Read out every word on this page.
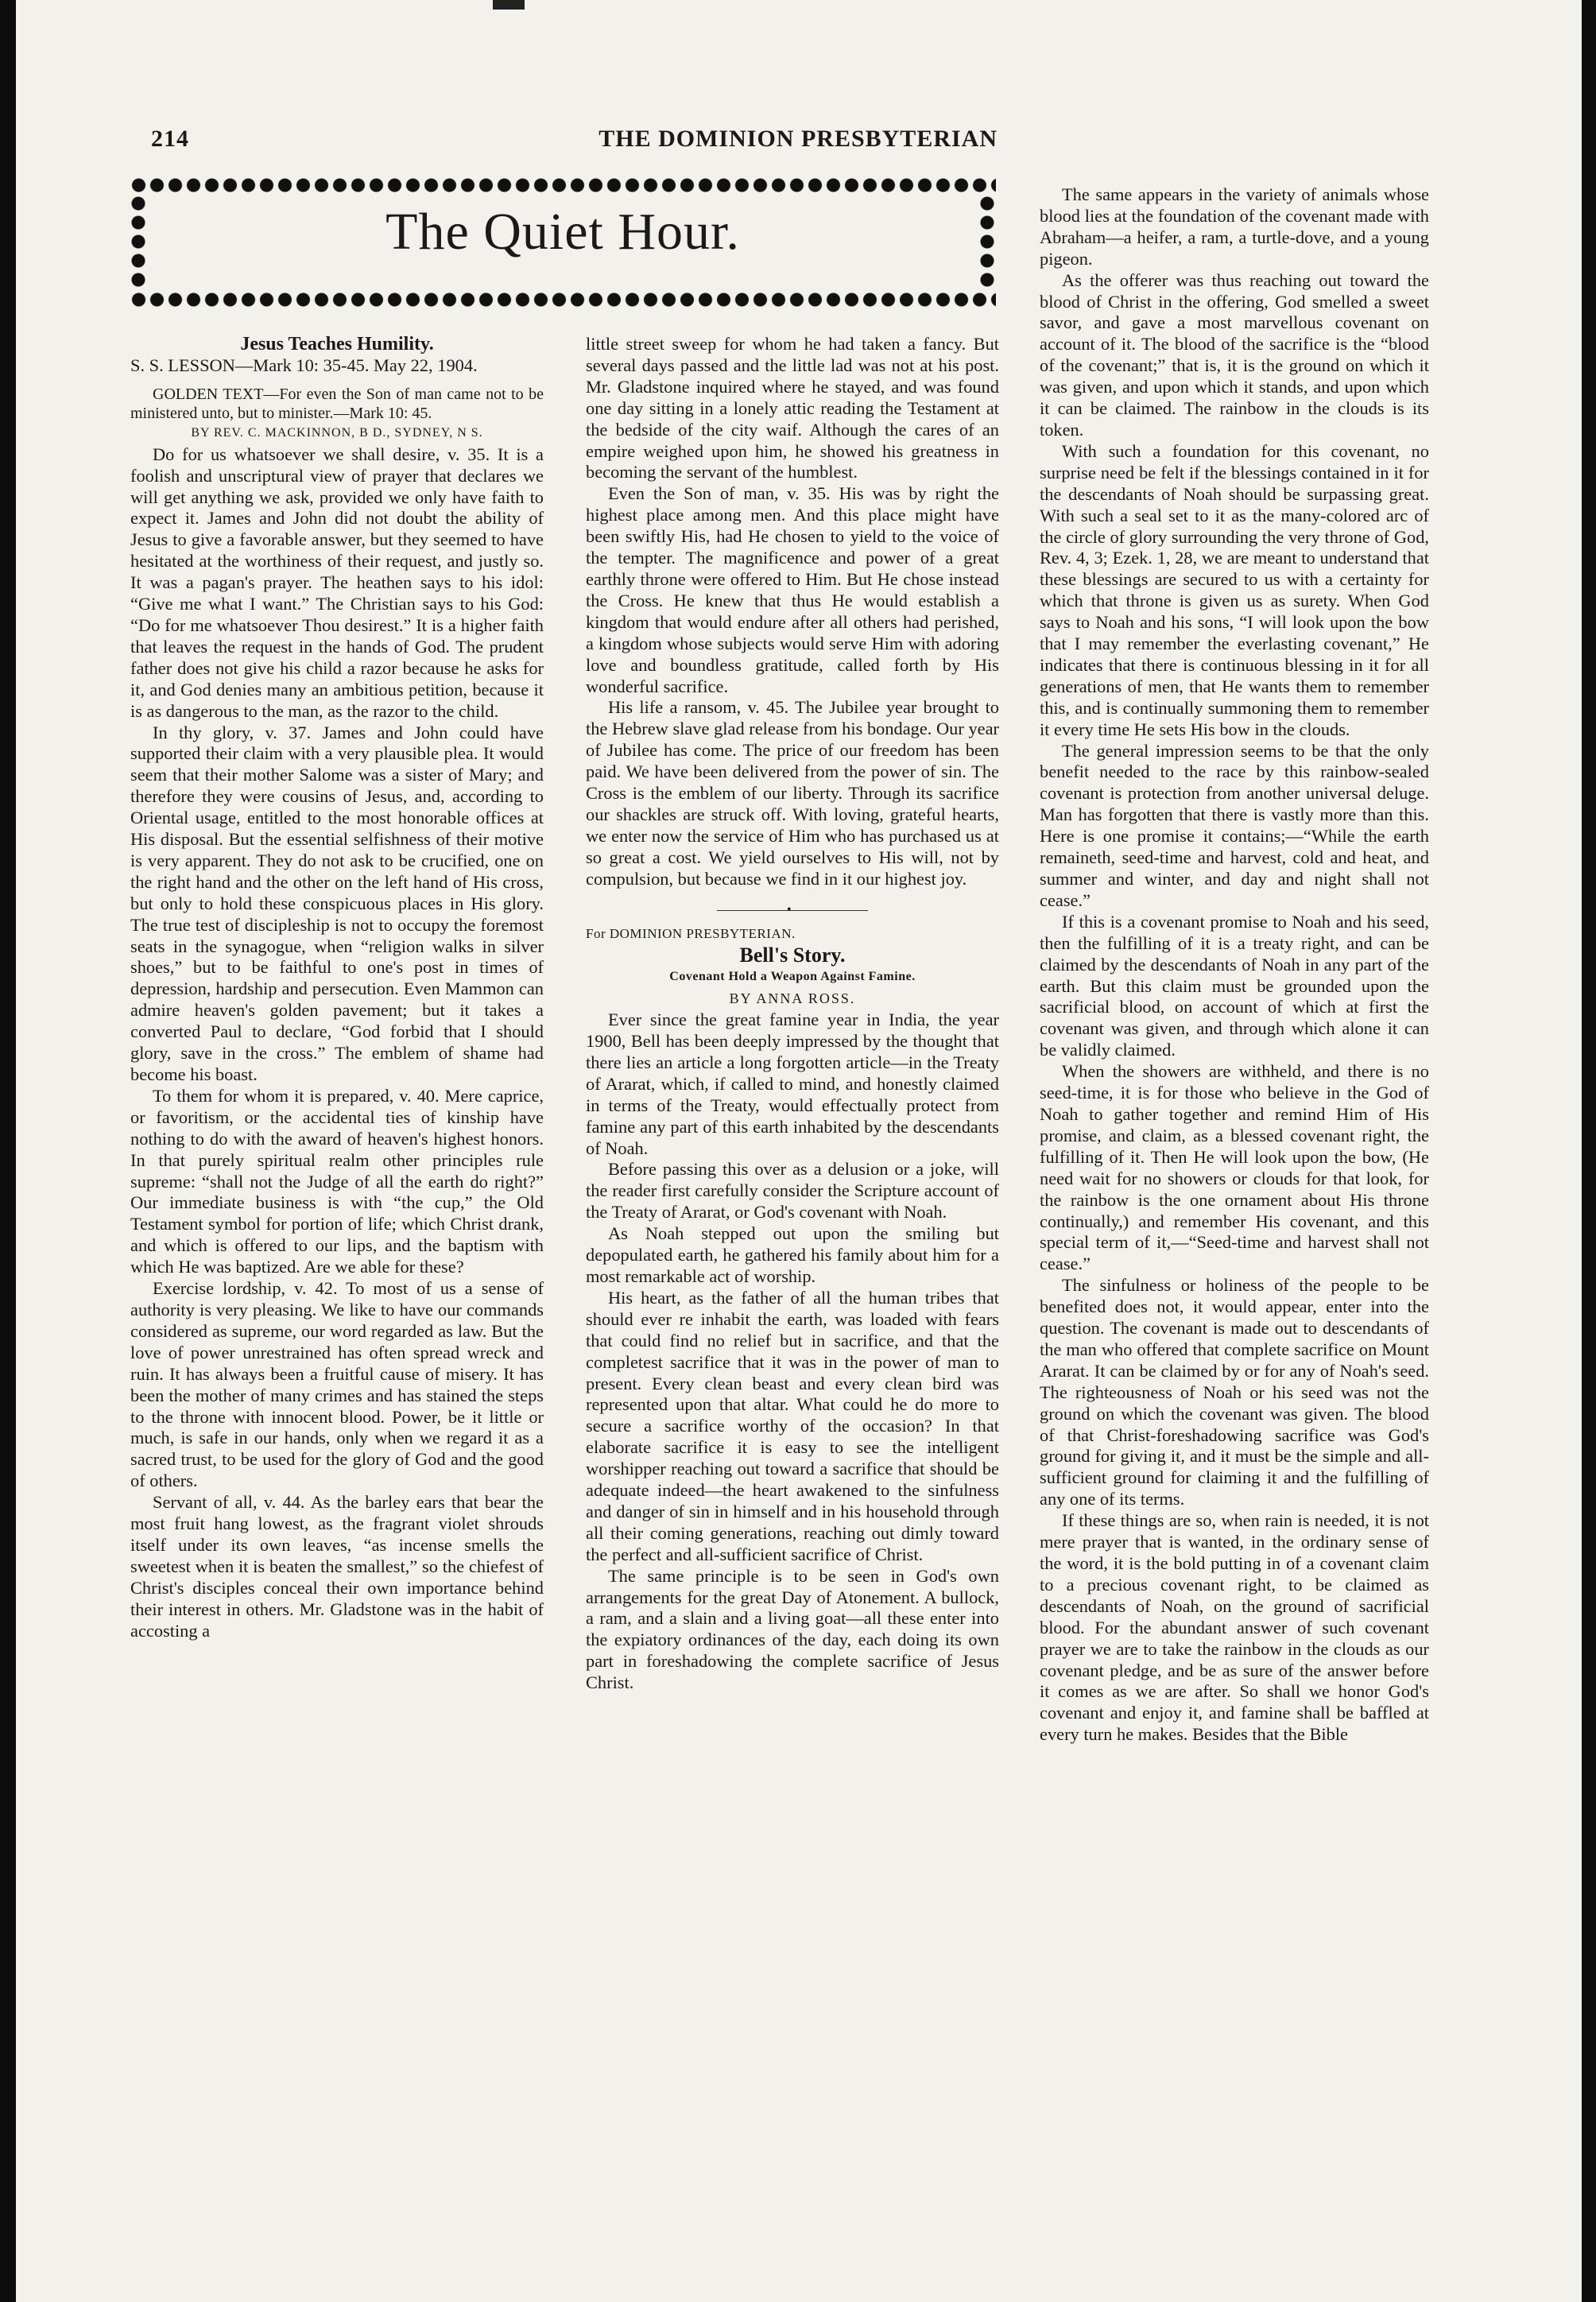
214	THE DOMINION PRESBYTERIAN
The Quiet Hour.

Jesus Teaches Humility.

S. S. LESSON—Mark 10: 35-45. May 22, 1904.

GOLDEN TEXT—For even the Son of man came not to be ministered unto, but to minister.—Mark 10: 45.

BY REV. C. MACKINNON, B D., SYDNEY, N S.

Do for us whatsoever we shall desire, v. 35. It is a foolish and unscriptural view of prayer that declares we will get anything we ask, provided we only have faith to expect it. James and John did not doubt the ability of Jesus to give a favorable answer, but they seemed to have hesitated at the worthiness of their request, and justly so. It was a pagan's prayer. The heathen says to his idol: “Give me what I want.” The Christian says to his God: “Do for me whatsoever Thou desirest.” It is a higher faith that leaves the request in the hands of God. The prudent father does not give his child a razor because he asks for it, and God denies many an ambitious petition, because it is as dangerous to the man, as the razor to the child.

In thy glory, v. 37. James and John could have supported their claim with a very plausible plea. It would seem that their mother Salome was a sister of Mary; and therefore they were cousins of Jesus, and, according to Oriental usage, entitled to the most honorable offices at His disposal. But the essential selfishness of their motive is very apparent. They do not ask to be crucified, one on the right hand and the other on the left hand of His cross, but only to hold these conspicuous places in His glory. The true test of discipleship is not to occupy the foremost seats in the synagogue, when “religion walks in silver shoes,” but to be faithful to one's post in times of depression, hardship and persecution. Even Mammon can admire heaven's golden pavement; but it takes a converted Paul to declare, “God forbid that I should glory, save in the cross.” The emblem of shame had become his boast.

To them for whom it is prepared, v. 40. Mere caprice, or favoritism, or the accidental ties of kinship have nothing to do with the award of heaven's highest honors. In that purely spiritual realm other principles rule supreme: “shall not the Judge of all the earth do right?” Our immediate business is with “the cup,” the Old Testament symbol for portion of life; which Christ drank, and which is offered to our lips, and the baptism with which He was baptized. Are we able for these?

Exercise lordship, v. 42. To most of us a sense of authority is very pleasing. We like to have our commands considered as supreme, our word regarded as law. But the love of power unrestrained has often spread wreck and ruin. It has always been a fruitful cause of misery. It has been the mother of many crimes and has stained the steps to the throne with innocent blood. Power, be it little or much, is safe in our hands, only when we regard it as a sacred trust, to be used for the glory of God and the good of others.

Servant of all, v. 44. As the barley ears that bear the most fruit hang lowest, as the fragrant violet shrouds itself under its own leaves, “as incense smells the sweetest when it is beaten the smallest,” so the chiefest of Christ's disciples conceal their own importance behind their interest in others. Mr. Gladstone was in the habit of accosting a

little street sweep for whom he had taken a fancy. But several days passed and the little lad was not at his post. Mr. Gladstone inquired where he stayed, and was found one day sitting in a lonely attic reading the Testament at the bedside of the city waif. Although the cares of an empire weighed upon him, he showed his greatness in becoming the servant of the humblest.

Even the Son of man, v. 35. His was by right the highest place among men. And this place might have been swiftly His, had He chosen to yield to the voice of the tempter. The magnificence and power of a great earthly throne were offered to Him. But He chose instead the Cross. He knew that thus He would establish a kingdom that would endure after all others had perished, a kingdom whose subjects would serve Him with adoring love and boundless gratitude, called forth by His wonderful sacrifice.

His life a ransom, v. 45. The Jubilee year brought to the Hebrew slave glad release from his bondage. Our year of Jubilee has come. The price of our freedom has been paid. We have been delivered from the power of sin. The Cross is the emblem of our liberty. Through its sacrifice our shackles are struck off. With loving, grateful hearts, we enter now the service of Him who has purchased us at so great a cost. We yield ourselves to His will, not by compulsion, but because we find in it our highest joy.

•

For DOMINION PRESBYTERIAN.

Bell's Story.

Covenant Hold a Weapon Against Famine.

BY ANNA ROSS.

Ever since the great famine year in India, the year 1900, Bell has been deeply impressed by the thought that there lies an article a long forgotten article—in the Treaty of Ararat, which, if called to mind, and honestly claimed in terms of the Treaty, would effectually protect from famine any part of this earth inhabited by the descendants of Noah.

Before passing this over as a delusion or a joke, will the reader first carefully consider the Scripture account of the Treaty of Ararat, or God's covenant with Noah.

As Noah stepped out upon the smiling but depopulated earth, he gathered his family about him for a most remarkable act of worship.

His heart, as the father of all the human tribes that should ever re inhabit the earth, was loaded with fears that could find no relief but in sacrifice, and that the completest sacrifice that it was in the power of man to present. Every clean beast and every clean bird was represented upon that altar. What could he do more to secure a sacrifice worthy of the occasion? In that elaborate sacrifice it is easy to see the intelligent worshipper reaching out toward a sacrifice that should be adequate indeed—the heart awakened to the sinfulness and danger of sin in himself and in his household through all their coming generations, reaching out dimly toward the perfect and all-sufficient sacrifice of Christ.

The same principle is to be seen in God's own arrangements for the great Day of Atonement. A bullock, a ram, and a slain and a living goat—all these enter into the expiatory ordinances of the day, each doing its own part in foreshadowing the complete sacrifice of Jesus Christ.

The same appears in the variety of animals whose blood lies at the foundation of the covenant made with Abraham—a heifer, a ram, a turtle-dove, and a young pigeon.

As the offerer was thus reaching out toward the blood of Christ in the offering, God smelled a sweet savor, and gave a most marvellous covenant on account of it. The blood of the sacrifice is the “blood of the covenant;” that is, it is the ground on which it was given, and upon which it stands, and upon which it can be claimed. The rainbow in the clouds is its token.

With such a foundation for this covenant, no surprise need be felt if the blessings contained in it for the descendants of Noah should be surpassing great. With such a seal set to it as the many-colored arc of the circle of glory surrounding the very throne of God, Rev. 4, 3; Ezek. 1, 28, we are meant to understand that these blessings are secured to us with a certainty for which that throne is given us as surety. When God says to Noah and his sons, “I will look upon the bow that I may remember the everlasting covenant,” He indicates that there is continuous blessing in it for all generations of men, that He wants them to remember this, and is continually summoning them to remember it every time He sets His bow in the clouds.

The general impression seems to be that the only benefit needed to the race by this rainbow-sealed covenant is protection from another universal deluge. Man has forgotten that there is vastly more than this. Here is one promise it contains;—“While the earth remaineth, seed-time and harvest, cold and heat, and summer and winter, and day and night shall not cease.”

If this is a covenant promise to Noah and his seed, then the fulfilling of it is a treaty right, and can be claimed by the descendants of Noah in any part of the earth. But this claim must be grounded upon the sacrificial blood, on account of which at first the covenant was given, and through which alone it can be validly claimed.

When the showers are withheld, and there is no seed-time, it is for those who believe in the God of Noah to gather together and remind Him of His promise, and claim, as a blessed covenant right, the fulfilling of it. Then He will look upon the bow, (He need wait for no showers or clouds for that look, for the rainbow is the one ornament about His throne continually,) and remember His covenant, and this special term of it,—“Seed-time and harvest shall not cease.”

The sinfulness or holiness of the people to be benefited does not, it would appear, enter into the question. The covenant is made out to descendants of the man who offered that complete sacrifice on Mount Ararat. It can be claimed by or for any of Noah's seed. The righteousness of Noah or his seed was not the ground on which the covenant was given. The blood of that Christ-foreshadowing sacrifice was God's ground for giving it, and it must be the simple and all-sufficient ground for claiming it and the fulfilling of any one of its terms.

If these things are so, when rain is needed, it is not mere prayer that is wanted, in the ordinary sense of the word, it is the bold putting in of a covenant claim to a precious covenant right, to be claimed as descendants of Noah, on the ground of sacrificial blood. For the abundant answer of such covenant prayer we are to take the rainbow in the clouds as our covenant pledge, and be as sure of the answer before it comes as we are after. So shall we honor God's covenant and enjoy it, and famine shall be baffled at every turn he makes. Besides that the Bible
